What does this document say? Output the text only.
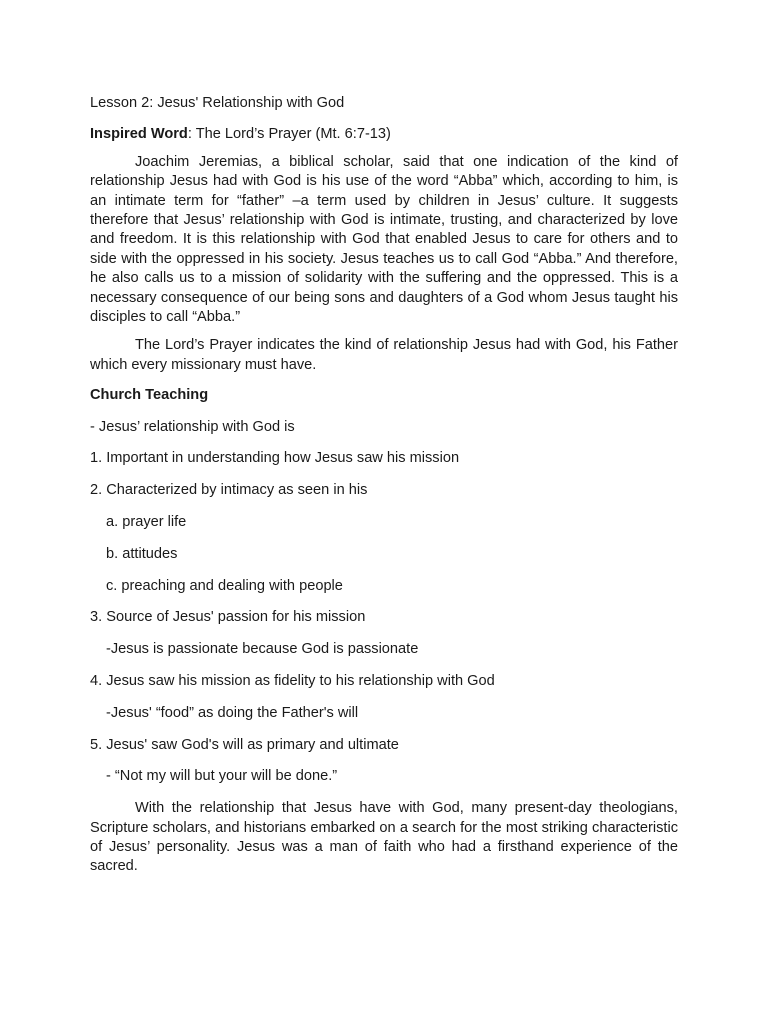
Lesson 2: Jesus' Relationship with God

Inspired Word: The Lord’s Prayer (Mt. 6:7-13)

Joachim Jeremias, a biblical scholar, said that one indication of the kind of relationship Jesus had with God is his use of the word “Abba” which, according to him, is an intimate term for “father” –a term used by children in Jesus’ culture. It suggests therefore that Jesus’ relationship with God is intimate, trusting, and characterized by love and freedom. It is this relationship with God that enabled Jesus to care for others and to side with the oppressed in his society. Jesus teaches us to call God “Abba.” And therefore, he also calls us to a mission of solidarity with the suffering and the oppressed. This is a necessary consequence of our being sons and daughters of a God whom Jesus taught his disciples to call “Abba.”

The Lord’s Prayer indicates the kind of relationship Jesus had with God, his Father which every missionary must have.

Church Teaching

- Jesus’ relationship with God is

1. Important in understanding how Jesus saw his mission

2. Characterized by intimacy as seen in his

a. prayer life

b. attitudes

c. preaching and dealing with people

3. Source of Jesus' passion for his mission

-Jesus is passionate because God is passionate

4. Jesus saw his mission as fidelity to his relationship with God

-Jesus' “food” as doing the Father's will

5. Jesus' saw God's will as primary and ultimate

- “Not my will but your will be done.”

With the relationship that Jesus have with God, many present-day theologians, Scripture scholars, and historians embarked on a search for the most striking characteristic of Jesus’ personality. Jesus was a man of faith who had a firsthand experience of the sacred.
